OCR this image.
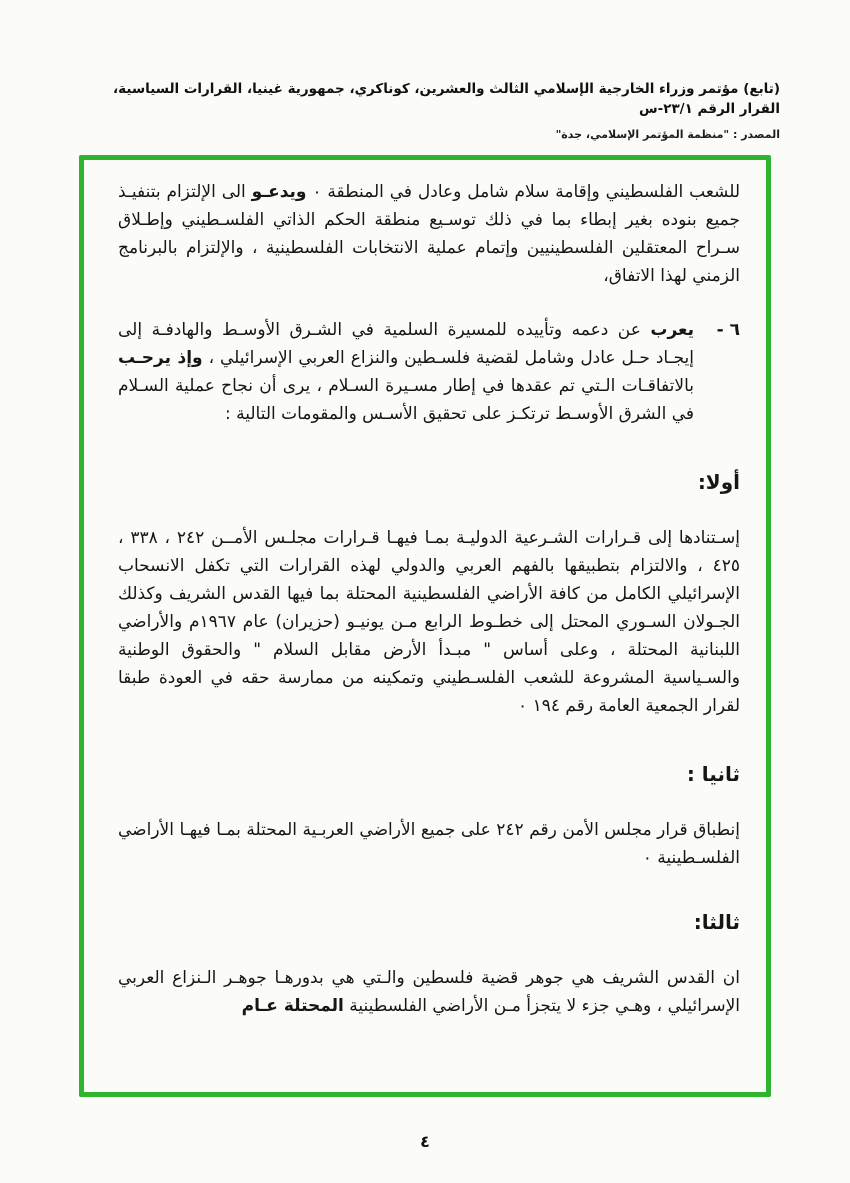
(تابع) مؤتمر وزراء الخارجية الإسلامي الثالث والعشرين، كوناكري، جمهورية غينيا، القرارات السياسية، القرار الرقم ٢٣/١-س
المصدر : "منظمة المؤتمر الإسلامي، جدة"

للشعب الفلسطيني وإقامة سلام شامل وعادل في المنطقة ٠ ويدعـو الى الإلتزام بتنفيـذ جميع بنوده بغير إبطاء بما في ذلك توسـيع منطقة الحكم الذاتي الفلسـطيني وإطـلاق سـراح المعتقلين الفلسطينيين وإتمام عملية الانتخابات الفلسطينية ، والإلتزام بالبرنامج الزمني لهذا الاتفاق،

٦ -

يعرب عن دعمه وتأييده للمسيرة السلمية في الشـرق الأوسـط والهادفـة إلى إيجـاد حـل عادل وشامل لقضية فلسـطين والنزاع العربي الإسرائيلي ، وإذ يرحـب بالاتفاقـات الـتي تم عقدها في إطار مسـيرة السـلام ، يرى أن نجاح عملية السـلام في الشرق الأوسـط ترتكـز على تحقيق الأسـس والمقومات التالية :

أولا:

إسـتنادها إلى قـرارات الشـرعية الدوليـة بمـا فيهـا قـرارات مجلـس الأمــن ٢٤٢ ، ٣٣٨ ، ٤٢٥ ، والالتزام بتطبيقها بالفهم العربي والدولي لهذه القرارات التي تكفل الانسحاب الإسرائيلي الكامل من كافة الأراضي الفلسطينية المحتلة بما فيها القدس الشريف وكذلك الجـولان السـوري المحتل إلى خطـوط الرابع مـن يونيـو (حزيران) عام ١٩٦٧م والأراضي اللبنانية المحتلة ، وعلى أساس " مبـدأ الأرض مقابل السلام " والحقوق الوطنية والسـياسية المشروعة للشعب الفلسـطيني وتمكينه من ممارسة حقه في العودة طبقا لقرار الجمعية العامة رقم ١٩٤ ٠

ثانيا :

إنطباق قرار مجلس الأمن رقم ٢٤٢ على جميع الأراضي العربـية المحتلة بمـا فيهـا الأراضي الفلسـطينية ٠

ثالثا:

ان القدس الشريف هي جوهر قضية فلسطين والـتي هي بدورهـا جوهـر الـنزاع العربي الإسرائيلي ، وهـي جزء لا يتجزأ مـن الأراضي الفلسطينية المحتلة عـام

٤
